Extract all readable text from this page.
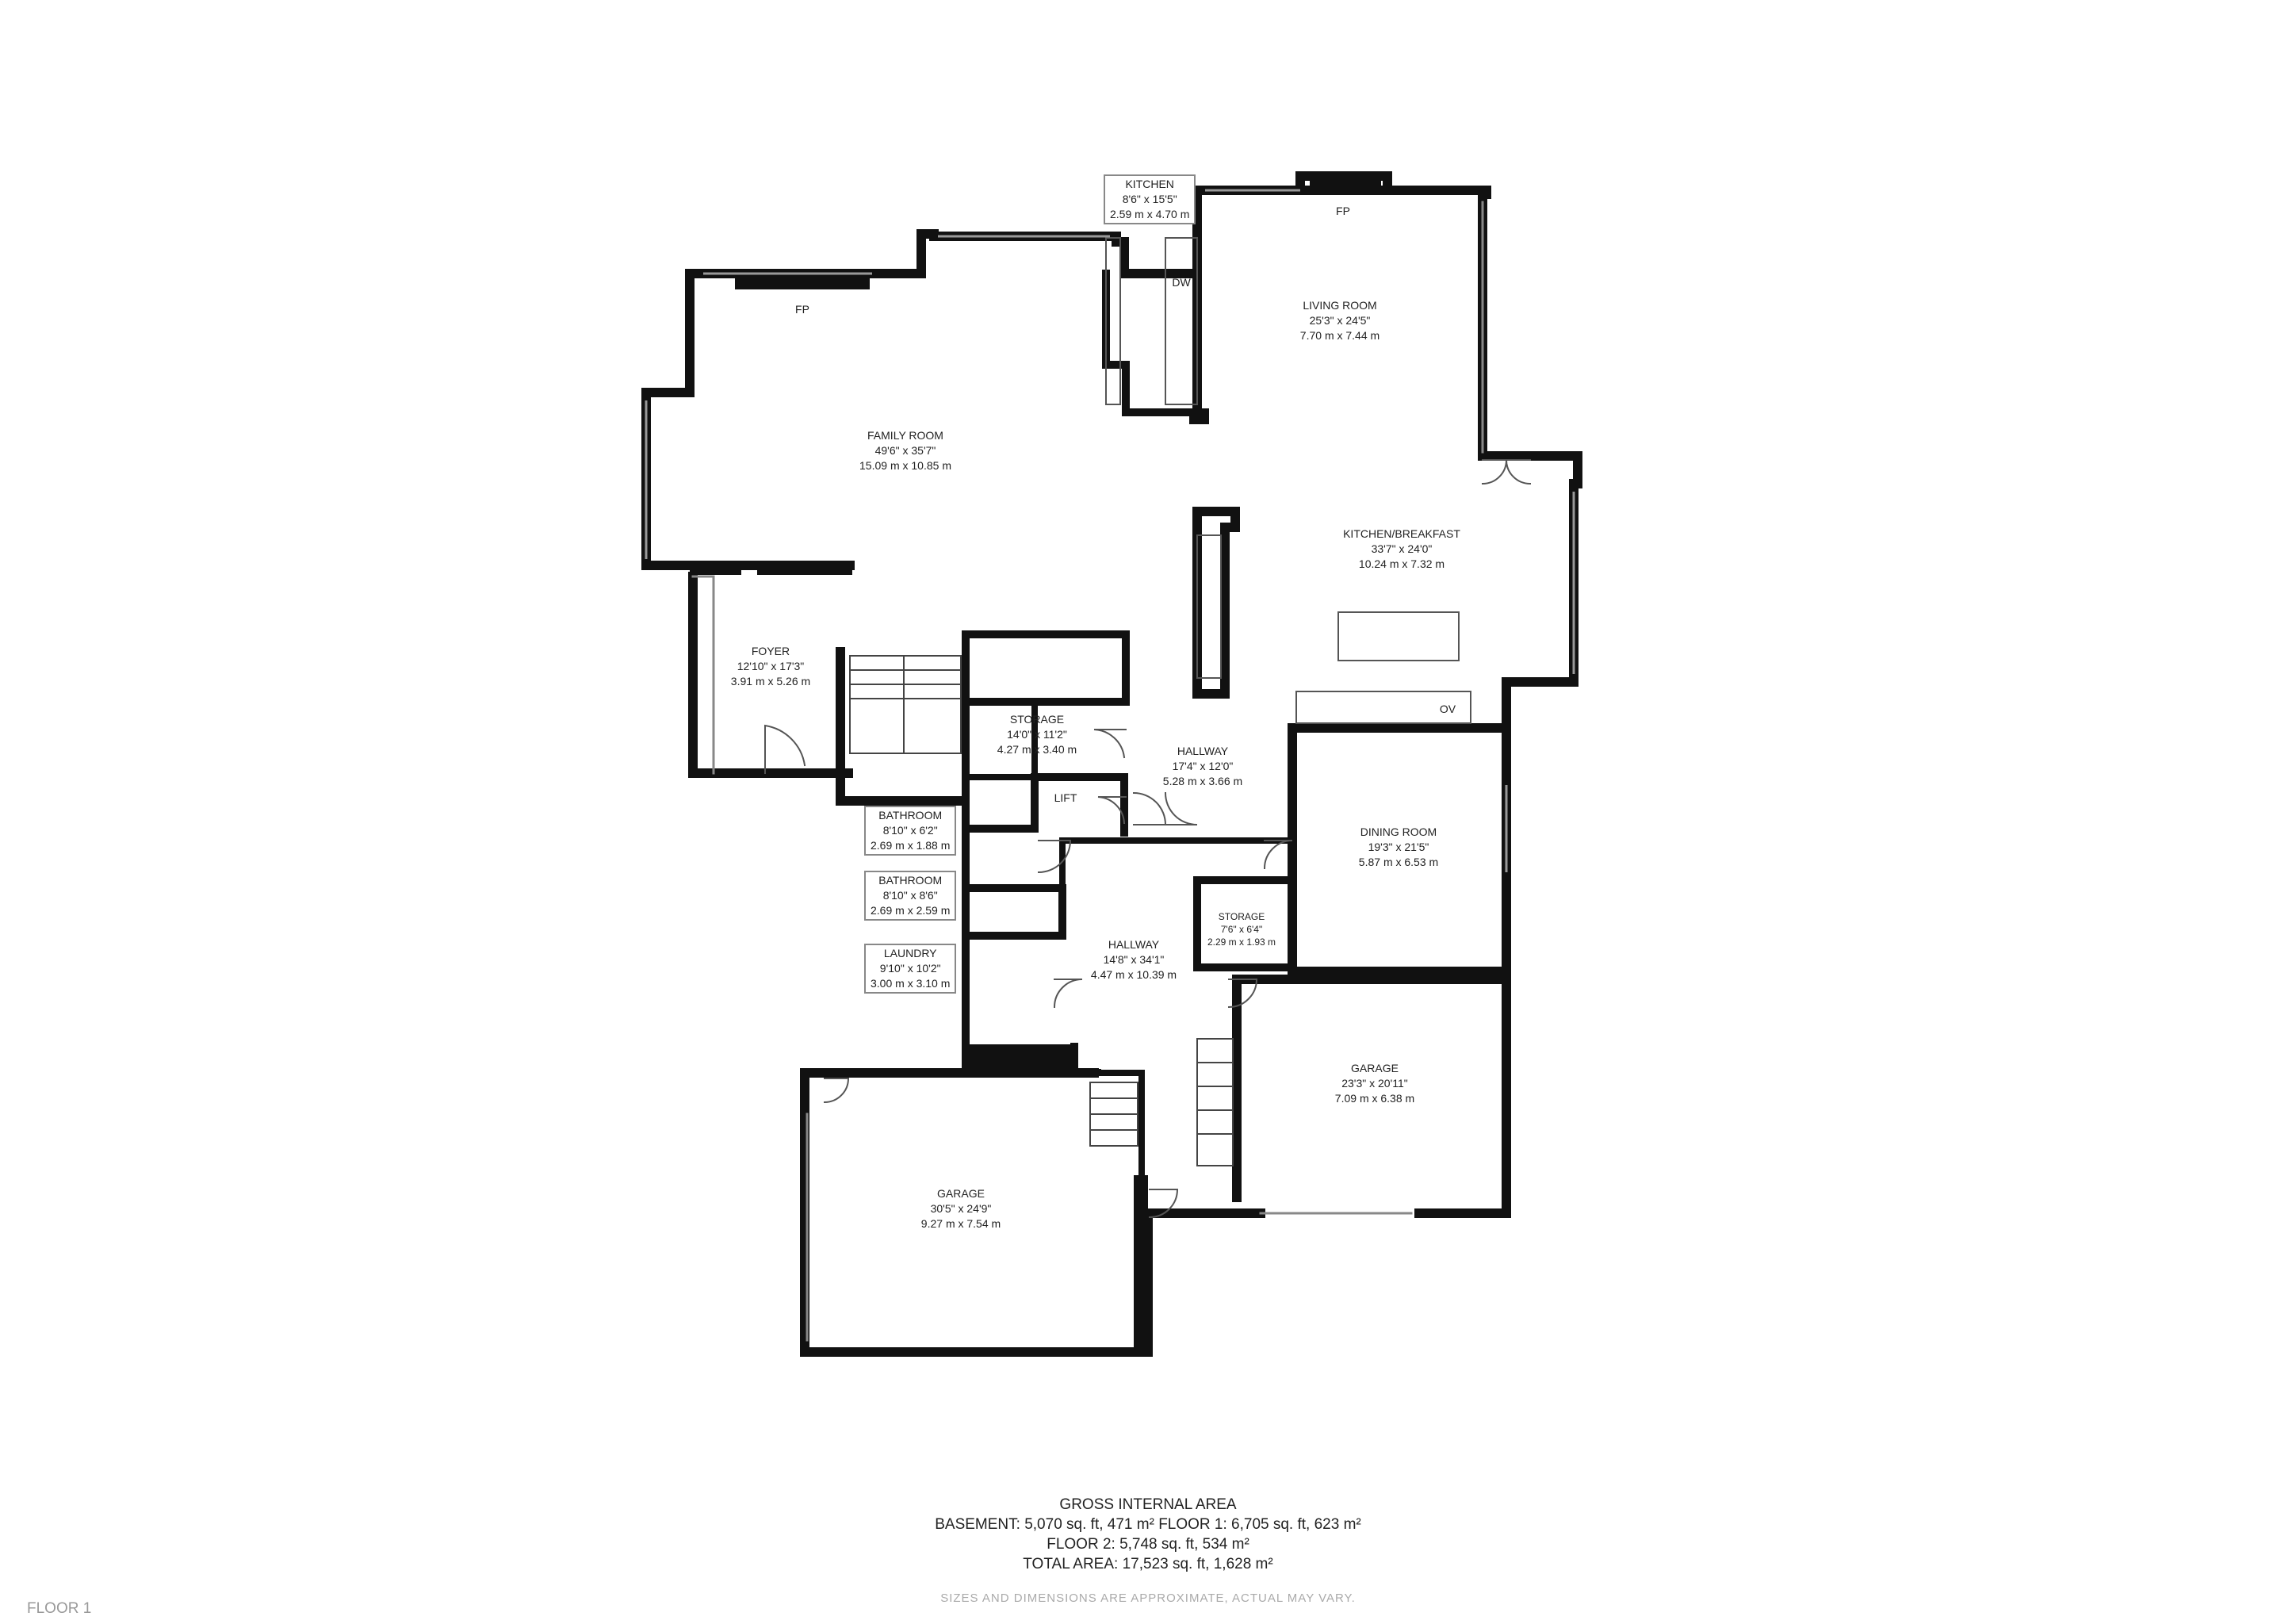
KITCHEN
8'6" x 15'5"
2.59 m x 4.70 m
LIVING ROOM
25'3" x 24'5"
7.70 m x 7.44 m
FAMILY ROOM
49'6" x 35'7"
15.09 m x 10.85 m
KITCHEN/BREAKFAST
33'7" x 24'0"
10.24 m x 7.32 m
FOYER
12'10" x 17'3"
3.91 m x 5.26 m
STORAGE
14'0" x 11'2"
4.27 m x 3.40 m	HALLWAY
17'4" x 12'0"
5.28 m x 3.66 m
DINING ROOM
19'3" x 21'5"
5.87 m x 6.53 m
BATHROOM
8'10" x 6'2"
2.69 m x 1.88 m
BATHROOM
8'10" x 8'6"
2.69 m x 2.59 m
LAUNDRY
9'10" x 10'2"
3.00 m x 3.10 m
STORAGE
7'6" x 6'4"
2.29 m x 1.93 m
HALLWAY
14'8" x 34'1"
4.47 m x 10.39 m
GARAGE
23'3" x 20'11"
7.09 m x 6.38 m
GARAGE
30'5" x 24'9"
9.27 m x 7.54 m
FP
FP
DW
OV
LIFT
GROSS INTERNAL AREA
BASEMENT: 5,070 sq. ft, 471 m² FLOOR 1: 6,705 sq. ft, 623 m²
FLOOR 2: 5,748 sq. ft, 534 m²
TOTAL AREA: 17,523 sq. ft, 1,628 m²
SIZES AND DIMENSIONS ARE APPROXIMATE, ACTUAL MAY VARY.
FLOOR 1
